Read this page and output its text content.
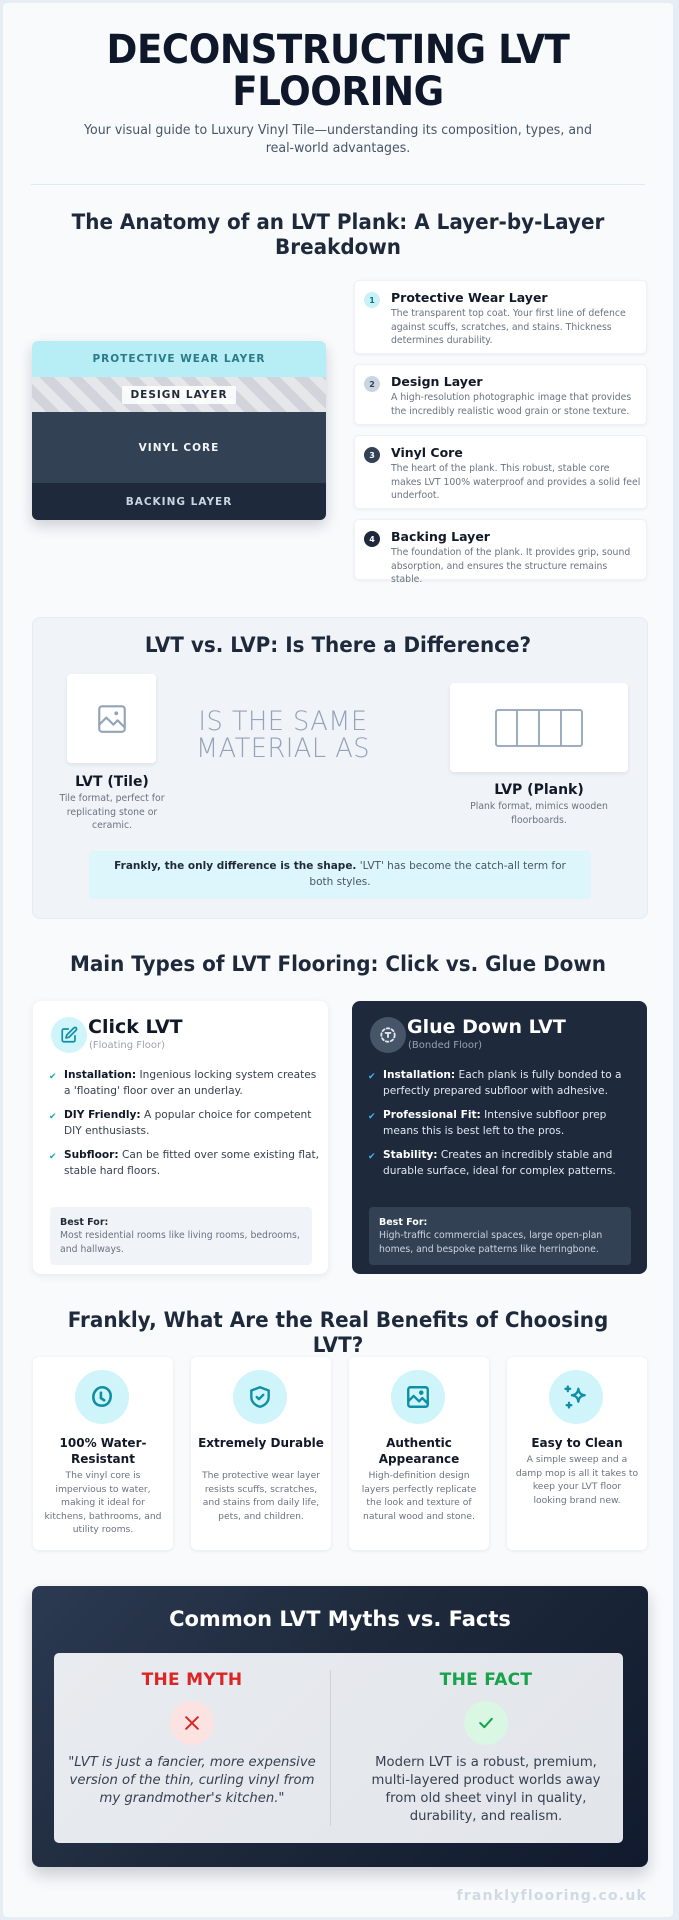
DECONSTRUCTING LVT
FLOORING

Your visual guide to Luxury Vinyl Tile—understanding its composition, types, and real-world advantages.

The Anatomy of an LVT Plank: A Layer-by-Layer Breakdown
PROTECTIVE WEAR LAYER
DESIGN LAYER
VINYL CORE
BACKING LAYER
1	Protective Wear Layer
The transparent top coat. Your first line of defence against scuffs, scratches, and stains. Thickness determines durability.
2	Design Layer
A high-resolution photographic image that provides the incredibly realistic wood grain or stone texture.
3	Vinyl Core
The heart of the plank. This robust, stable core makes LVT 100% waterproof and provides a solid feel underfoot.
4	Backing Layer
The foundation of the plank. It provides grip, sound absorption, and ensures the structure remains stable.
LVT vs. LVP: Is There a Difference?
LVT (Tile)
Tile format, perfect for replicating stone or ceramic.
IS THE SAME
MATERIAL AS
LVP (Plank)
Plank format, mimics wooden floorboards.
Frankly, the only difference is the shape. 'LVT' has become the catch-all term for both styles.
Main Types of LVT Flooring: Click vs. Glue Down
Click LVT
(Floating Floor)
✔ Installation: Ingenious locking system creates a 'floating' floor over an underlay.
✔ DIY Friendly: A popular choice for competent DIY enthusiasts.
✔ Subfloor: Can be fitted over some existing flat, stable hard floors.
Best For:
Most residential rooms like living rooms, bedrooms, and hallways.
Glue Down LVT
(Bonded Floor)
✔ Installation: Each plank is fully bonded to a perfectly prepared subfloor with adhesive.
✔ Professional Fit: Intensive subfloor prep means this is best left to the pros.
✔ Stability: Creates an incredibly stable and durable surface, ideal for complex patterns.
Best For:
High-traffic commercial spaces, large open-plan homes, and bespoke patterns like herringbone.
Frankly, What Are the Real Benefits of Choosing LVT?
100% Water-Resistant
The vinyl core is impervious to water, making it ideal for kitchens, bathrooms, and utility rooms.
Extremely Durable
The protective wear layer resists scuffs, scratches, and stains from daily life, pets, and children.
Authentic Appearance
High-definition design layers perfectly replicate the look and texture of natural wood and stone.
Easy to Clean
A simple sweep and a damp mop is all it takes to keep your LVT floor looking brand new.
Common LVT Myths vs. Facts
THE MYTH
"LVT is just a fancier, more expensive version of the thin, curling vinyl from my grandmother's kitchen."
THE FACT
Modern LVT is a robust, premium, multi-layered product worlds away from old sheet vinyl in quality, durability, and realism.
franklyflooring.co.uk
